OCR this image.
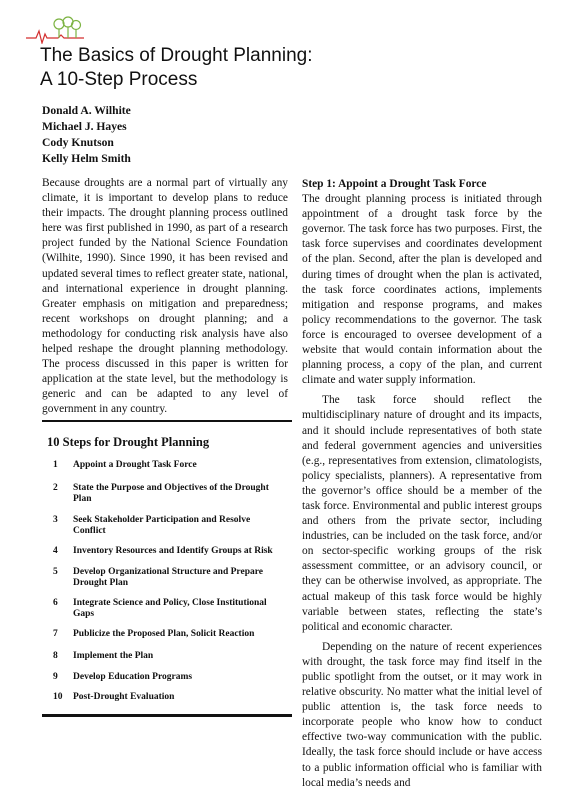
The Basics of Drought Planning:
A 10-Step Process
Donald A. Wilhite
Michael J. Hayes
Cody Knutson
Kelly Helm Smith

Because droughts are a normal part of virtually any climate, it is important to develop plans to reduce their impacts. The drought planning process outlined here was first published in 1990, as part of a research project funded by the National Science Foundation (Wilhite, 1990). Since 1990, it has been revised and updated several times to reflect greater state, national, and international experience in drought planning. Greater emphasis on mitigation and preparedness; recent workshops on drought planning; and a methodology for conducting risk analysis have also helped reshape the drought planning methodology. The process discussed in this paper is written for application at the state level, but the methodology is generic and can be adapted to any level of government in any country.

10 Steps for Drought Planning
1 Appoint a Drought Task Force
2 State the Purpose and Objectives of the Drought Plan
3 Seek Stakeholder Participation and Resolve Conflict
4 Inventory Resources and Identify Groups at Risk
5 Develop Organizational Structure and Prepare Drought Plan
6 Integrate Science and Policy, Close Institutional Gaps
7 Publicize the Proposed Plan, Solicit Reaction
8 Implement the Plan
9 Develop Education Programs
10 Post-Drought Evaluation
Step 1: Appoint a Drought Task Force

The drought planning process is initiated through appointment of a drought task force by the governor. The task force has two purposes. First, the task force supervises and coordinates development of the plan. Second, after the plan is developed and during times of drought when the plan is activated, the task force coordinates actions, implements mitigation and response programs, and makes policy recommendations to the governor. The task force is encouraged to oversee development of a website that would contain information about the planning process, a copy of the plan, and current climate and water supply information.

The task force should reflect the multidisciplinary nature of drought and its impacts, and it should include representatives of both state and federal government agencies and universities (e.g., representatives from extension, climatologists, policy specialists, planners). A representative from the governor’s office should be a member of the task force. Environmental and public interest groups and others from the private sector, including industries, can be included on the task force, and/or on sector-specific working groups of the risk assessment committee, or an advisory council, or they can be otherwise involved, as appropriate. The actual makeup of this task force would be highly variable between states, reflecting the state’s political and economic character.

Depending on the nature of recent experiences with drought, the task force may find itself in the public spotlight from the outset, or it may work in relative obscurity. No matter what the initial level of public attention is, the task force needs to incorporate people who know how to conduct effective two-way communication with the public. Ideally, the task force should include or have access to a public information official who is familiar with local media’s needs and
